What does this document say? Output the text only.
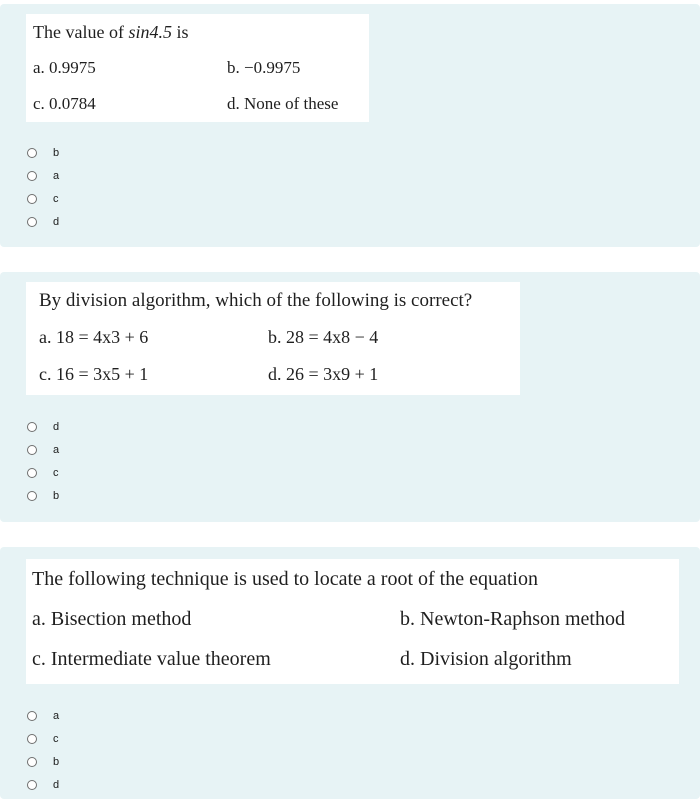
The value of sin4.5 is
a. 0.9975	b. −0.9975
c. 0.0784	d. None of these
b
a
c
d
By division algorithm, which of the following is correct?
a. 18 = 4x3 + 6	b. 28 = 4x8 − 4
c. 16 = 3x5 + 1	d. 26 = 3x9 + 1
d
a
c
b
The following technique is used to locate a root of the equation
a. Bisection method	b. Newton-Raphson method
c. Intermediate value theorem	d. Division algorithm
a
c
b
d
